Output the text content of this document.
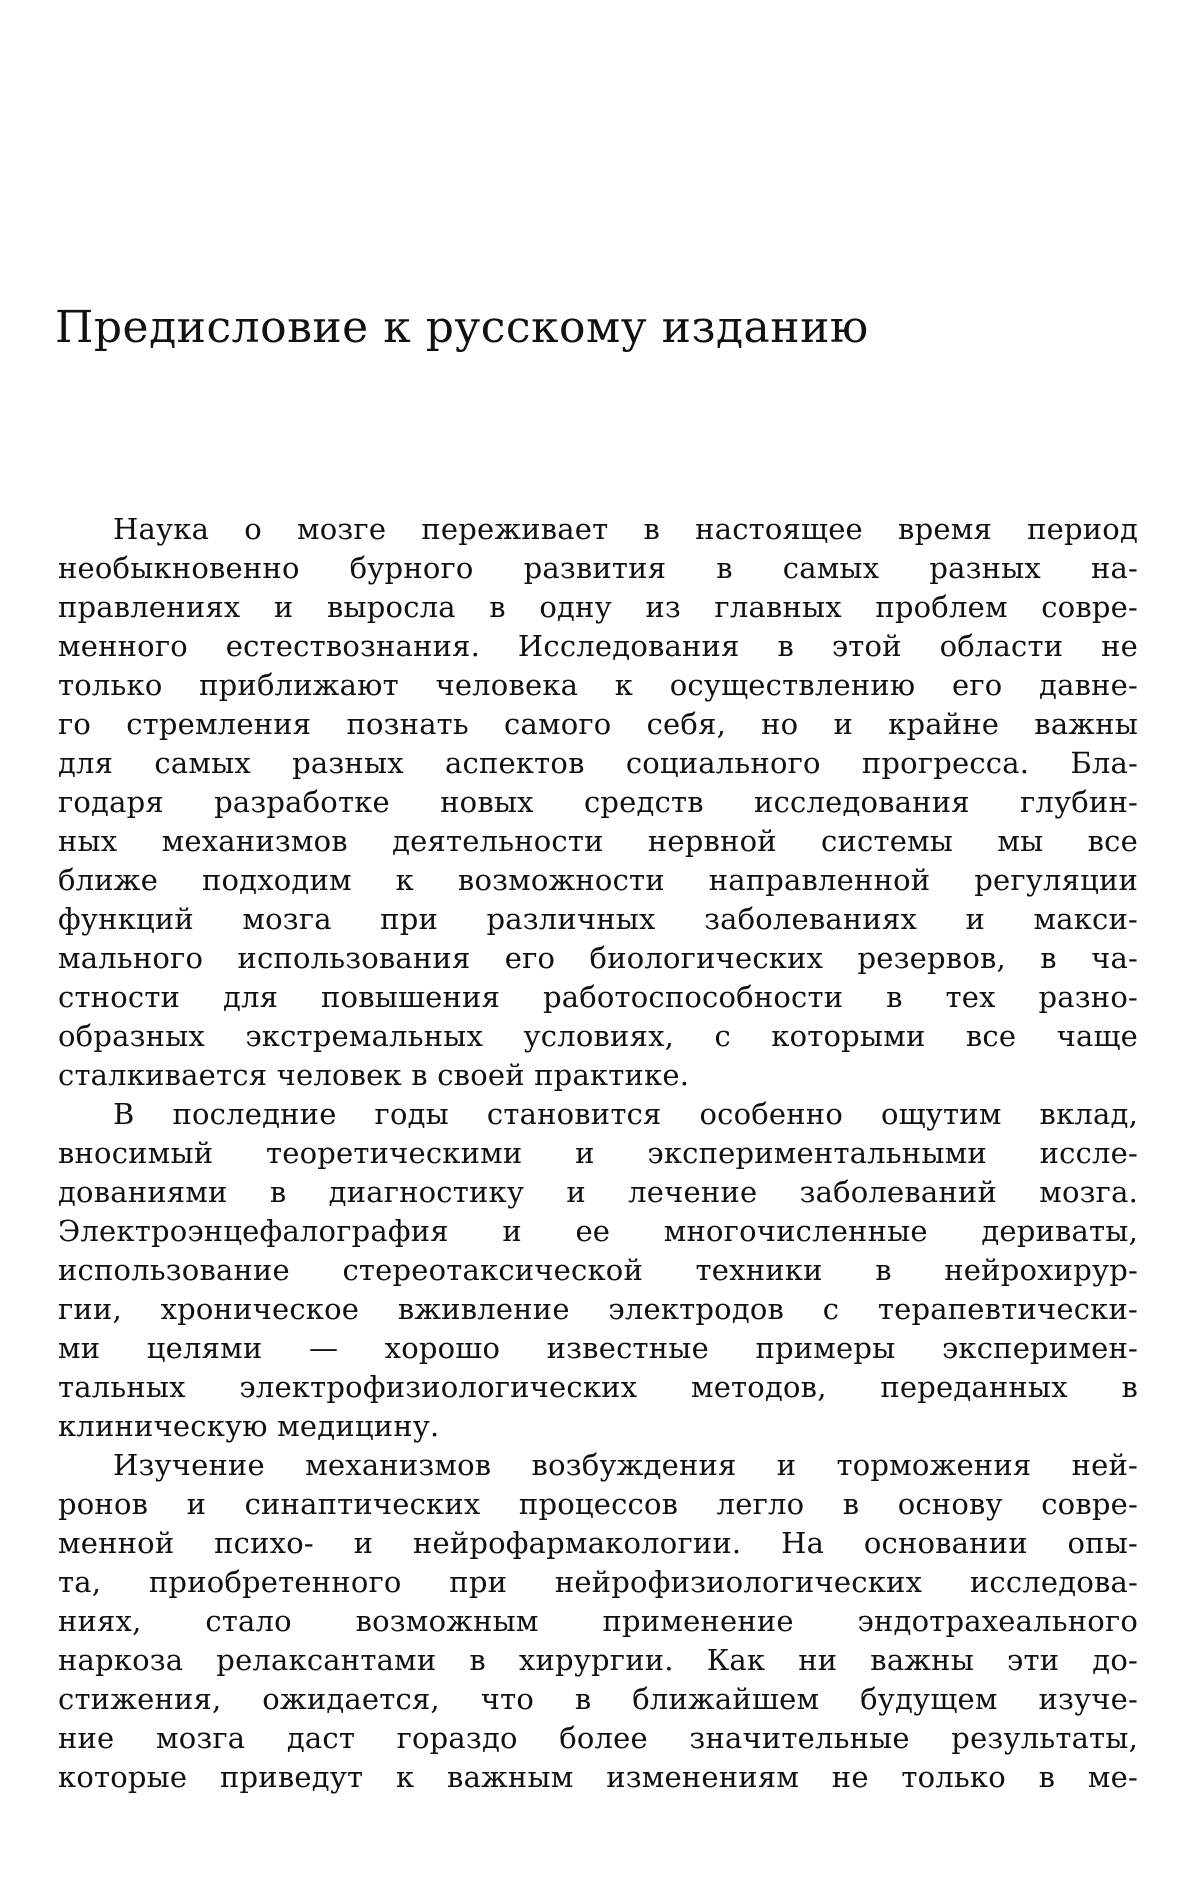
Предисловие к русскому изданию
Наука о мозге переживает в настоящее время период
необыкновенно бурного развития в самых разных на-
правлениях и выросла в одну из главных проблем совре-
менного естествознания. Исследования в этой области не
только приближают человека к осуществлению его давне-
го стремления познать самого себя, но и крайне важны
для самых разных аспектов социального прогресса. Бла-
годаря разработке новых средств исследования глубин-
ных механизмов деятельности нервной системы мы все
ближе подходим к возможности направленной регуляции
функций мозга при различных заболеваниях и макси-
мального использования его биологических резервов, в ча-
стности для повышения работоспособности в тех разно-
образных экстремальных условиях, с которыми все чаще
сталкивается человек в своей практике.
В последние годы становится особенно ощутим вклад,
вносимый теоретическими и экспериментальными иссле-
дованиями в диагностику и лечение заболеваний мозга.
Электроэнцефалография и ее многочисленные дериваты,
использование стереотаксической техники в нейрохирур-
гии, хроническое вживление электродов с терапевтически-
ми целями — хорошо известные примеры эксперимен-
тальных электрофизиологических методов, переданных в
клиническую медицину.
Изучение механизмов возбуждения и торможения ней-
ронов и синаптических процессов легло в основу совре-
менной психо- и нейрофармакологии. На основании опы-
та, приобретенного при нейрофизиологических исследова-
ниях, стало возможным применение эндотрахеального
наркоза релаксантами в хирургии. Как ни важны эти до-
стижения, ожидается, что в ближайшем будущем изуче-
ние мозга даст гораздо более значительные результаты,
которые приведут к важным изменениям не только в ме-
